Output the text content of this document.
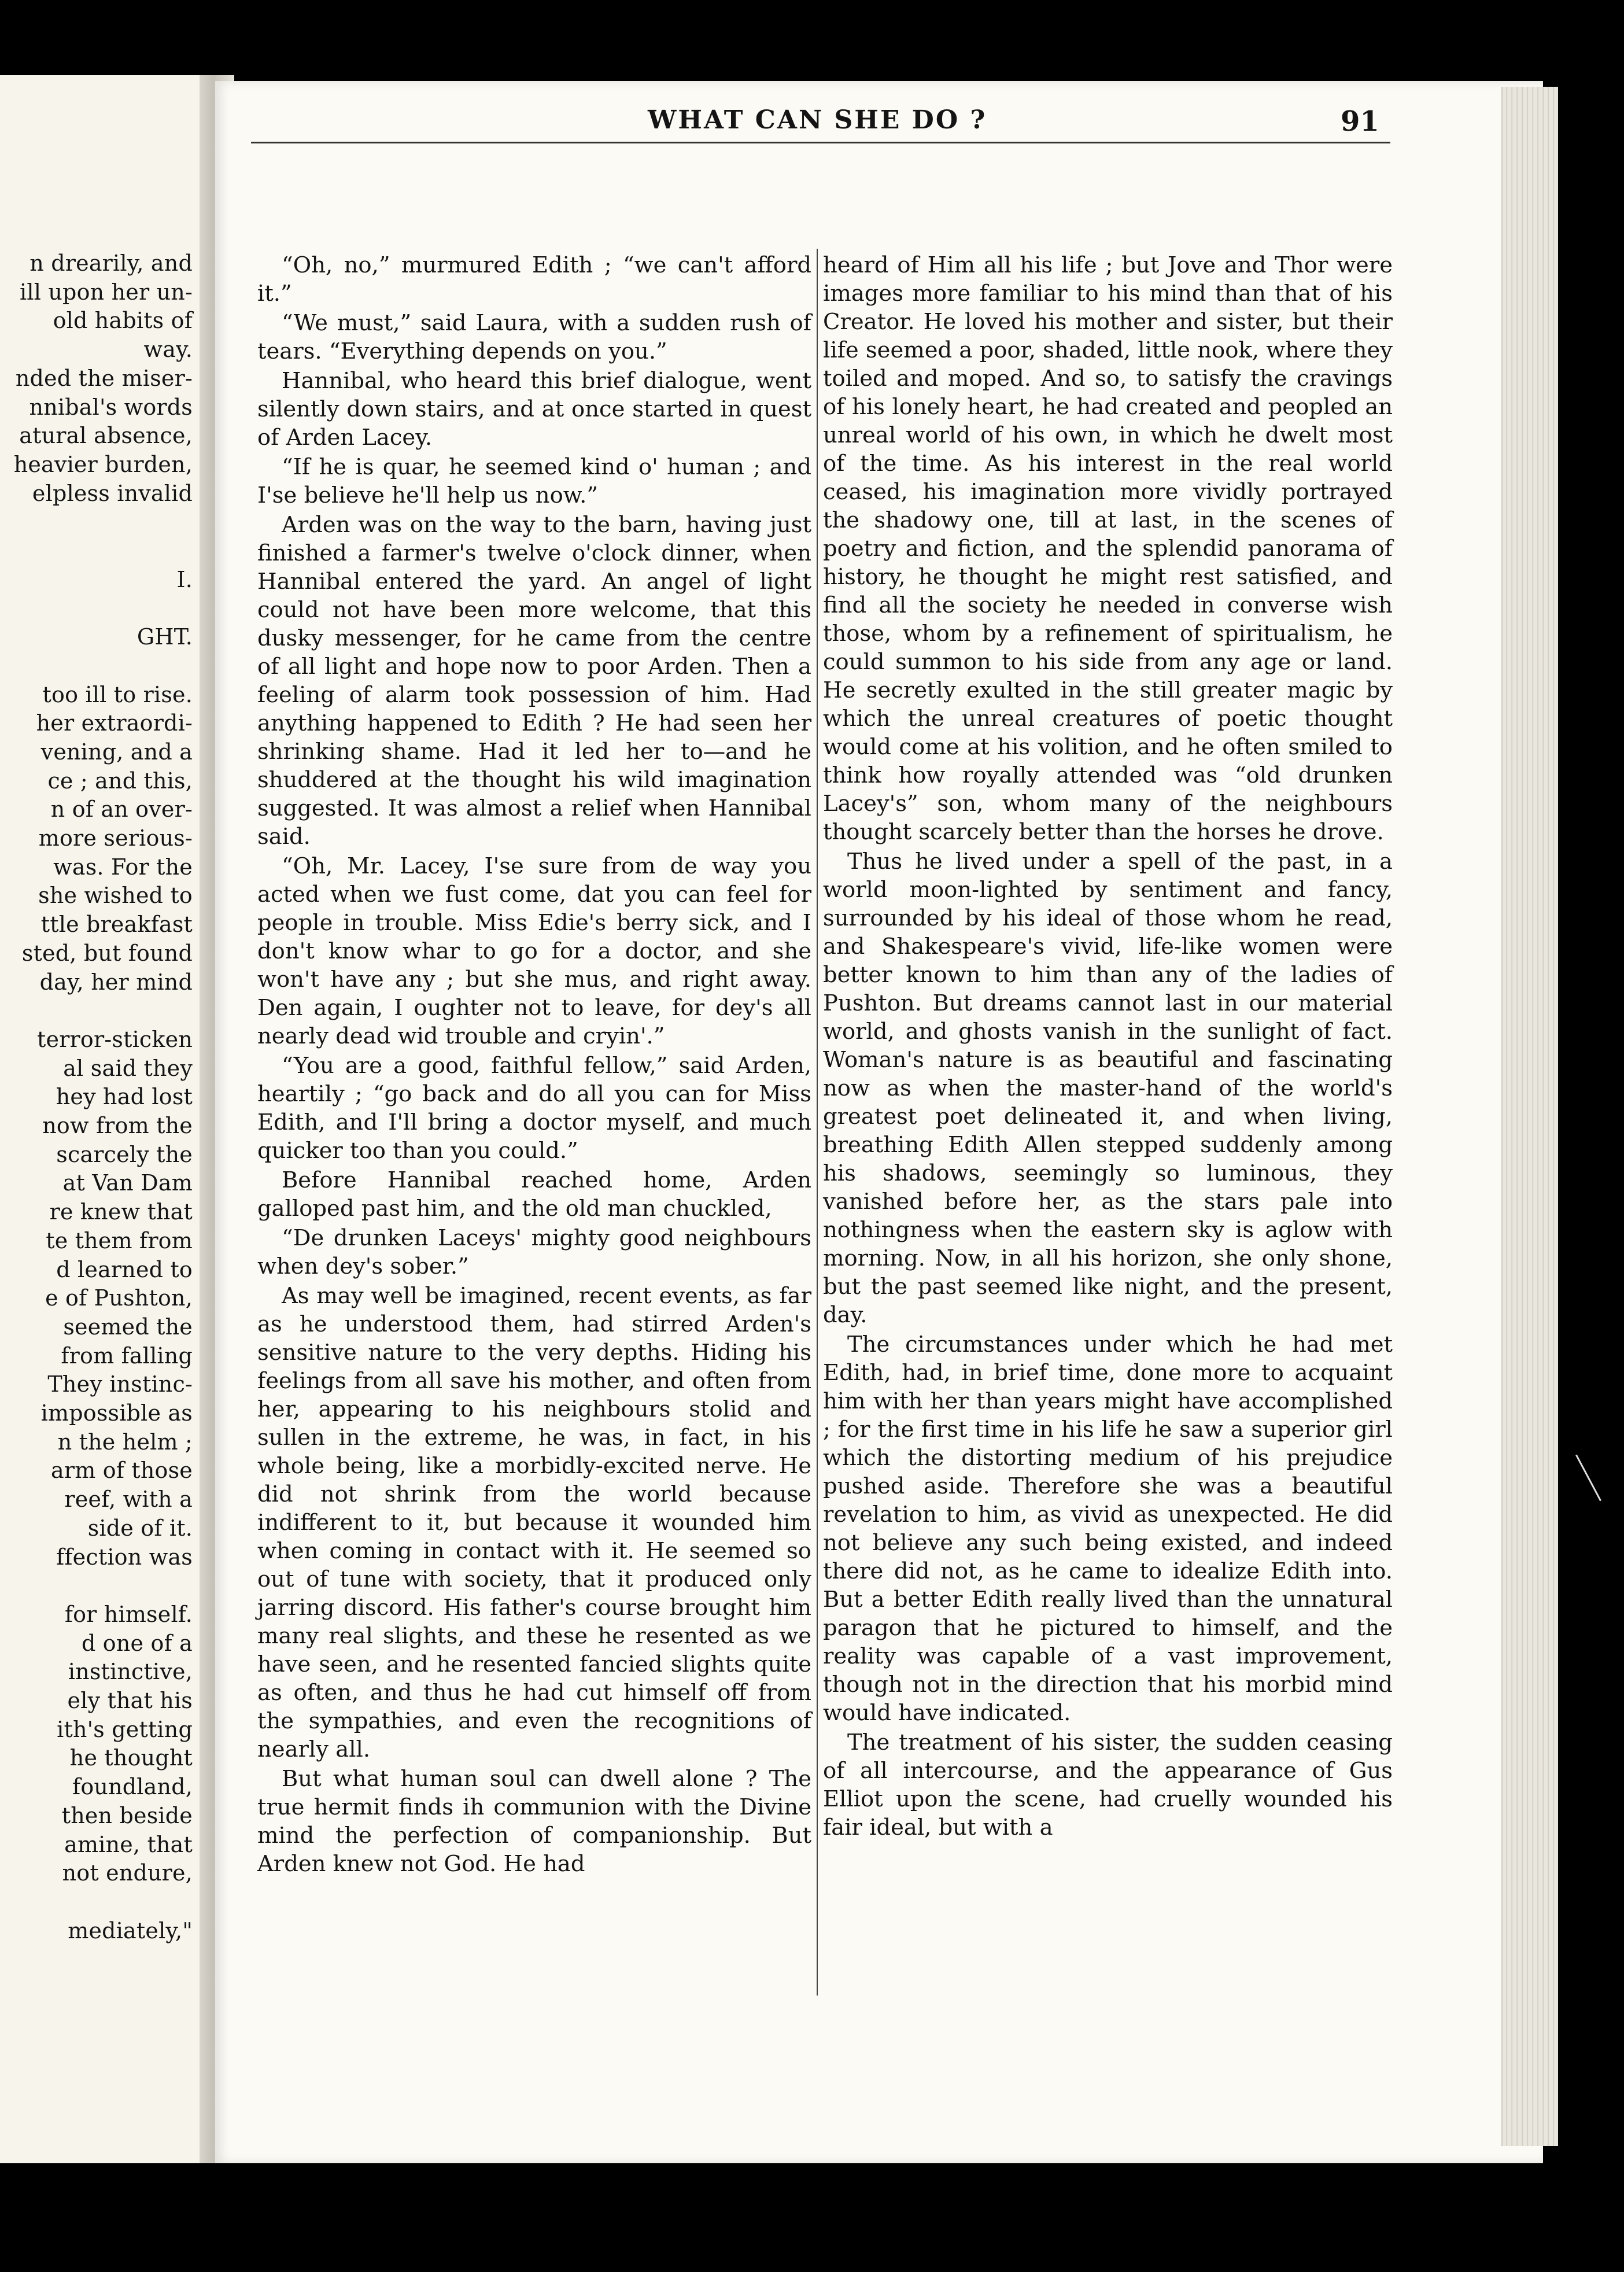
n drearily, and
ill upon her un-
old habits of
way.
nded the miser-
nnibal's words
atural absence,
heavier burden,
elpless invalid
I.
GHT.
too ill to rise.
her extraordi-
vening, and a
ce ; and this,
n of an over-
more serious-
was. For the
she wished to
ttle breakfast
sted, but found
day, her mind
terror-sticken
al said they
hey had lost
now from the
scarcely the
at Van Dam
re knew that
te them from
d learned to
e of Pushton,
seemed the
from falling
They instinc-
impossible as
n the helm ;
arm of those
reef, with a
side of it.
ffection was
for himself.
d one of a
instinctive,
ely that his
ith's getting
he thought
foundland,
then beside
amine, that
not endure,
mediately,"
WHAT CAN SHE DO ?	91

“Oh, no,” murmured Edith ; “we can't afford it.”

“We must,” said Laura, with a sudden rush of tears. “Everything depends on you.”

Hannibal, who heard this brief dialogue, went silently down stairs, and at once started in quest of Arden Lacey.

“If he is quar, he seemed kind o' human ; and I'se believe he'll help us now.”

Arden was on the way to the barn, having just finished a farmer's twelve o'clock dinner, when Hannibal entered the yard. An angel of light could not have been more welcome, that this dusky messenger, for he came from the centre of all light and hope now to poor Arden. Then a feeling of alarm took possession of him. Had anything happened to Edith ? He had seen her shrinking shame. Had it led her to—and he shuddered at the thought his wild imagination suggested. It was almost a relief when Hannibal said.

“Oh, Mr. Lacey, I'se sure from de way you acted when we fust come, dat you can feel for people in trouble. Miss Edie's berry sick, and I don't know whar to go for a doctor, and she won't have any ; but she mus, and right away. Den again, I oughter not to leave, for dey's all nearly dead wid trouble and cryin'.”

“You are a good, faithful fellow,” said Arden, heartily ; “go back and do all you can for Miss Edith, and I'll bring a doctor myself, and much quicker too than you could.”

Before Hannibal reached home, Arden galloped past him, and the old man chuckled,

“De drunken Laceys' mighty good neighbours when dey's sober.”

As may well be imagined, recent events, as far as he understood them, had stirred Arden's sensitive nature to the very depths. Hiding his feelings from all save his mother, and often from her, appearing to his neighbours stolid and sullen in the extreme, he was, in fact, in his whole being, like a morbidly-excited nerve. He did not shrink from the world because indifferent to it, but because it wounded him when coming in contact with it. He seemed so out of tune with society, that it produced only jarring discord. His father's course brought him many real slights, and these he resented as we have seen, and he resented fancied slights quite as often, and thus he had cut himself off from the sympathies, and even the recognitions of nearly all.

But what human soul can dwell alone ? The true hermit finds ih communion with the Divine mind the perfection of companionship. But Arden knew not God. He had

heard of Him all his life ; but Jove and Thor were images more familiar to his mind than that of his Creator. He loved his mother and sister, but their life seemed a poor, shaded, little nook, where they toiled and moped. And so, to satisfy the cravings of his lonely heart, he had created and peopled an unreal world of his own, in which he dwelt most of the time. As his interest in the real world ceased, his imagination more vividly portrayed the shadowy one, till at last, in the scenes of poetry and fiction, and the splendid panorama of history, he thought he might rest satisfied, and find all the society he needed in converse wish those, whom by a refinement of spiritualism, he could summon to his side from any age or land. He secretly exulted in the still greater magic by which the unreal creatures of poetic thought would come at his volition, and he often smiled to think how royally attended was “old drunken Lacey's” son, whom many of the neighbours thought scarcely better than the horses he drove.

Thus he lived under a spell of the past, in a world moon-lighted by sentiment and fancy, surrounded by his ideal of those whom he read, and Shakespeare's vivid, life-like women were better known to him than any of the ladies of Pushton. But dreams cannot last in our material world, and ghosts vanish in the sunlight of fact. Woman's nature is as beautiful and fascinating now as when the master-hand of the world's greatest poet delineated it, and when living, breathing Edith Allen stepped suddenly among his shadows, seemingly so luminous, they vanished before her, as the stars pale into nothingness when the eastern sky is aglow with morning. Now, in all his horizon, she only shone, but the past seemed like night, and the present, day.

The circumstances under which he had met Edith, had, in brief time, done more to acquaint him with her than years might have accomplished ; for the first time in his life he saw a superior girl which the distorting medium of his prejudice pushed aside. Therefore she was a beautiful revelation to him, as vivid as unexpected. He did not believe any such being existed, and indeed there did not, as he came to idealize Edith into. But a better Edith really lived than the unnatural paragon that he pictured to himself, and the reality was capable of a vast improvement, though not in the direction that his morbid mind would have indicated.

The treatment of his sister, the sudden ceasing of all intercourse, and the appearance of Gus Elliot upon the scene, had cruelly wounded his fair ideal, but with a
